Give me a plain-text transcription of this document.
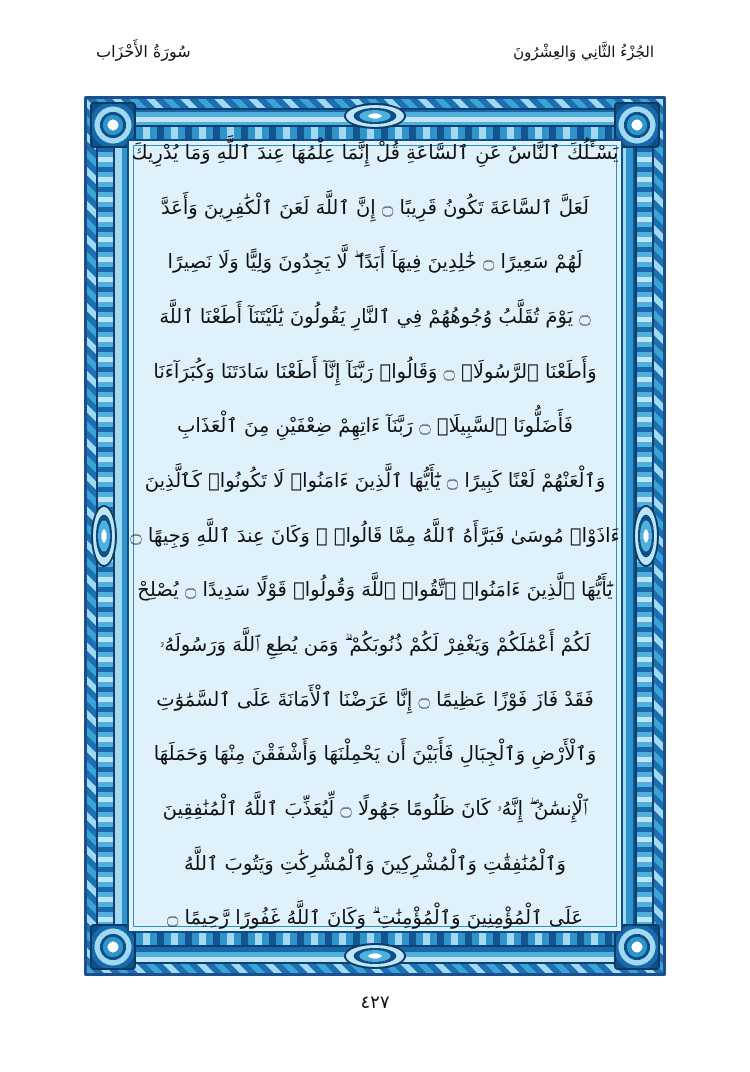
سُورَةُ الأَحْزَاب	الجُزْءُ الثَّانِي وَالعِشْرُونَ
يَسْـَٔلُكَ ٱلنَّاسُ عَنِ ٱلسَّاعَةِ قُلْ إِنَّمَا عِلْمُهَا عِندَ ٱللَّهِ وَمَا يُدْرِيكَ
لَعَلَّ ٱلسَّاعَةَ تَكُونُ قَرِيبًا ۝ إِنَّ ٱللَّهَ لَعَنَ ٱلْكَٰفِرِينَ وَأَعَدَّ
لَهُمْ سَعِيرًا ۝ خَٰلِدِينَ فِيهَآ أَبَدًا ۖ لَّا يَجِدُونَ وَلِيًّا وَلَا نَصِيرًا
۝ يَوْمَ تُقَلَّبُ وُجُوهُهُمْ فِي ٱلنَّارِ يَقُولُونَ يَٰلَيْتَنَآ أَطَعْنَا ٱللَّهَ
وَأَطَعْنَا ٱلرَّسُولَا۠ ۝ وَقَالُوا۟ رَبَّنَآ إِنَّآ أَطَعْنَا سَادَتَنَا وَكُبَرَآءَنَا
فَأَضَلُّونَا ٱلسَّبِيلَا۠ ۝ رَبَّنَآ ءَاتِهِمْ ضِعْفَيْنِ مِنَ ٱلْعَذَابِ
وَٱلْعَنْهُمْ لَعْنًا كَبِيرًا ۝ يَٰٓأَيُّهَا ٱلَّذِينَ ءَامَنُوا۟ لَا تَكُونُوا۟ كَٱلَّذِينَ
ءَاذَوْا۟ مُوسَىٰ فَبَرَّأَهُ ٱللَّهُ مِمَّا قَالُوا۟ ۚ وَكَانَ عِندَ ٱللَّهِ وَجِيهًا ۝
يَٰٓأَيُّهَا ٱلَّذِينَ ءَامَنُوا۟ ٱتَّقُوا۟ ٱللَّهَ وَقُولُوا۟ قَوْلًا سَدِيدًا ۝ يُصْلِحْ
لَكُمْ أَعْمَٰلَكُمْ وَيَغْفِرْ لَكُمْ ذُنُوبَكُمْ ۗ وَمَن يُطِعِ ٱللَّهَ وَرَسُولَهُۥ
فَقَدْ فَازَ فَوْزًا عَظِيمًا ۝ إِنَّا عَرَضْنَا ٱلْأَمَانَةَ عَلَى ٱلسَّمَٰوَٰتِ
وَٱلْأَرْضِ وَٱلْجِبَالِ فَأَبَيْنَ أَن يَحْمِلْنَهَا وَأَشْفَقْنَ مِنْهَا وَحَمَلَهَا
ٱلْإِنسَٰنُ ۖ إِنَّهُۥ كَانَ ظَلُومًا جَهُولًا ۝ لِّيُعَذِّبَ ٱللَّهُ ٱلْمُنَٰفِقِينَ
وَٱلْمُنَٰفِقَٰتِ وَٱلْمُشْرِكِينَ وَٱلْمُشْرِكَٰتِ وَيَتُوبَ ٱللَّهُ
عَلَى ٱلْمُؤْمِنِينَ وَٱلْمُؤْمِنَٰتِ ۗ وَكَانَ ٱللَّهُ غَفُورًا رَّحِيمًا ۝
٤٢٧
